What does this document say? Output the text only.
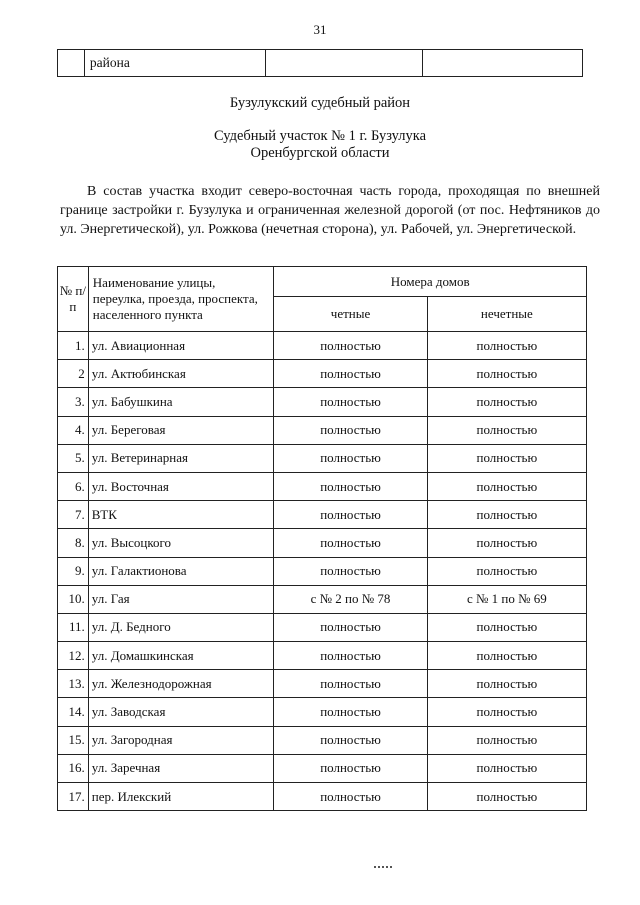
31
	района		
Бузулукский судебный район
Судебный участок № 1 г. Бузулука
Оренбургской области

В состав участка входит северо-восточная часть города, проходящая по внешней границе застройки г. Бузулука и ограниченная железной дорогой (от пос. Нефтяников до ул. Энергетической), ул. Рожкова (нечетная сторона), ул. Рабочей, ул. Энергетической.

№ п/п	Наименование улицы, переулка, проезда, проспекта, населенного пункта	Номера домов	
		четные	нечетные
1.	ул. Авиационная	полностью	полностью
2	ул. Актюбинская	полностью	полностью
3.	ул. Бабушкина	полностью	полностью
4.	ул. Береговая	полностью	полностью
5.	ул. Ветеринарная	полностью	полностью
6.	ул. Восточная	полностью	полностью
7.	ВТК	полностью	полностью
8.	ул. Высоцкого	полностью	полностью
9.	ул. Галактионова	полностью	полностью
10.	ул. Гая	с № 2 по № 78	с № 1 по № 69
11.	ул. Д. Бедного	полностью	полностью
12.	ул. Домашкинская	полностью	полностью
13.	ул. Железнодорожная	полностью	полностью
14.	ул. Заводская	полностью	полностью
15.	ул. Загородная	полностью	полностью
16.	ул. Заречная	полностью	полностью
17.	пер. Илекский	полностью	полностью
